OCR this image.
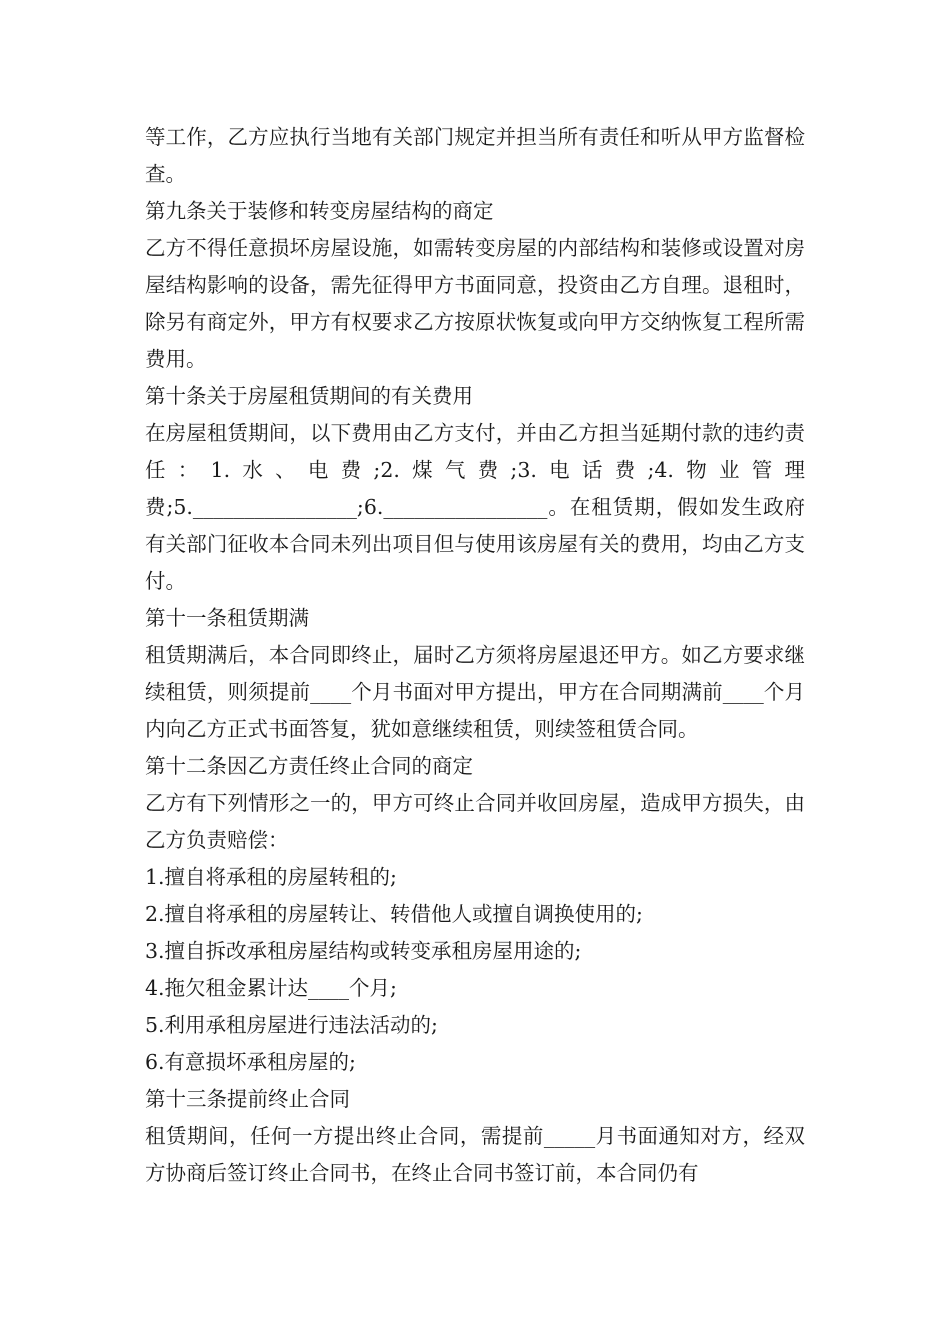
等工作，乙方应执行当地有关部门规定并担当所有责任和听从甲方监督检查。

第九条关于装修和转变房屋结构的商定

乙方不得任意损坏房屋设施，如需转变房屋的内部结构和装修或设置对房屋结构影响的设备，需先征得甲方书面同意，投资由乙方自理。退租时，除另有商定外，甲方有权要求乙方按原状恢复或向甲方交纳恢复工程所需费用。

第十条关于房屋租赁期间的有关费用

在房屋租赁期间，以下费用由乙方支付，并由乙方担当延期付款的违约责任：1.水、电费;2.煤气费;3.电话费;4.物业管理费;5.________________;6.________________。在租赁期，假如发生政府有关部门征收本合同未列出项目但与使用该房屋有关的费用，均由乙方支付。

第十一条租赁期满

租赁期满后，本合同即终止，届时乙方须将房屋退还甲方。如乙方要求继续租赁，则须提前____个月书面对甲方提出，甲方在合同期满前____个月内向乙方正式书面答复，犹如意继续租赁，则续签租赁合同。

第十二条因乙方责任终止合同的商定

乙方有下列情形之一的，甲方可终止合同并收回房屋，造成甲方损失，由乙方负责赔偿：

1.擅自将承租的房屋转租的;

2.擅自将承租的房屋转让、转借他人或擅自调换使用的;

3.擅自拆改承租房屋结构或转变承租房屋用途的;

4.拖欠租金累计达____个月;

5.利用承租房屋进行违法活动的;

6.有意损坏承租房屋的;

第十三条提前终止合同

租赁期间，任何一方提出终止合同，需提前_____月书面通知对方，经双方协商后签订终止合同书，在终止合同书签订前，本合同仍有
